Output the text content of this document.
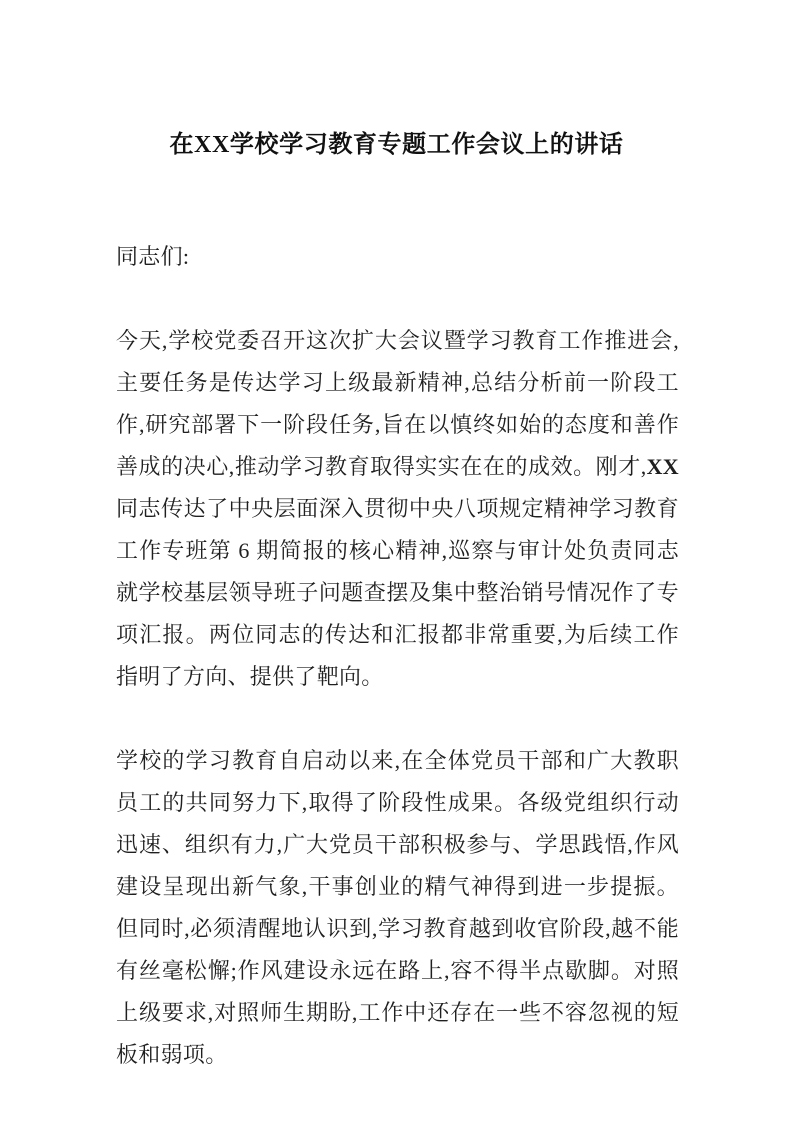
在XX学校学习教育专题工作会议上的讲话

同志们:

今天,学校党委召开这次扩大会议暨学习教育工作推进会,主要任务是传达学习上级最新精神,总结分析前一阶段工作,研究部署下一阶段任务,旨在以慎终如始的态度和善作善成的决心,推动学习教育取得实实在在的成效。刚才,XX同志传达了中央层面深入贯彻中央八项规定精神学习教育工作专班第 6 期简报的核心精神,巡察与审计处负责同志就学校基层领导班子问题查摆及集中整治销号情况作了专项汇报。两位同志的传达和汇报都非常重要,为后续工作指明了方向、提供了靶向。

学校的学习教育自启动以来,在全体党员干部和广大教职员工的共同努力下,取得了阶段性成果。各级党组织行动迅速、组织有力,广大党员干部积极参与、学思践悟,作风建设呈现出新气象,干事创业的精气神得到进一步提振。但同时,必须清醒地认识到,学习教育越到收官阶段,越不能有丝毫松懈;作风建设永远在路上,容不得半点歇脚。对照上级要求,对照师生期盼,工作中还存在一些不容忽视的短板和弱项。
